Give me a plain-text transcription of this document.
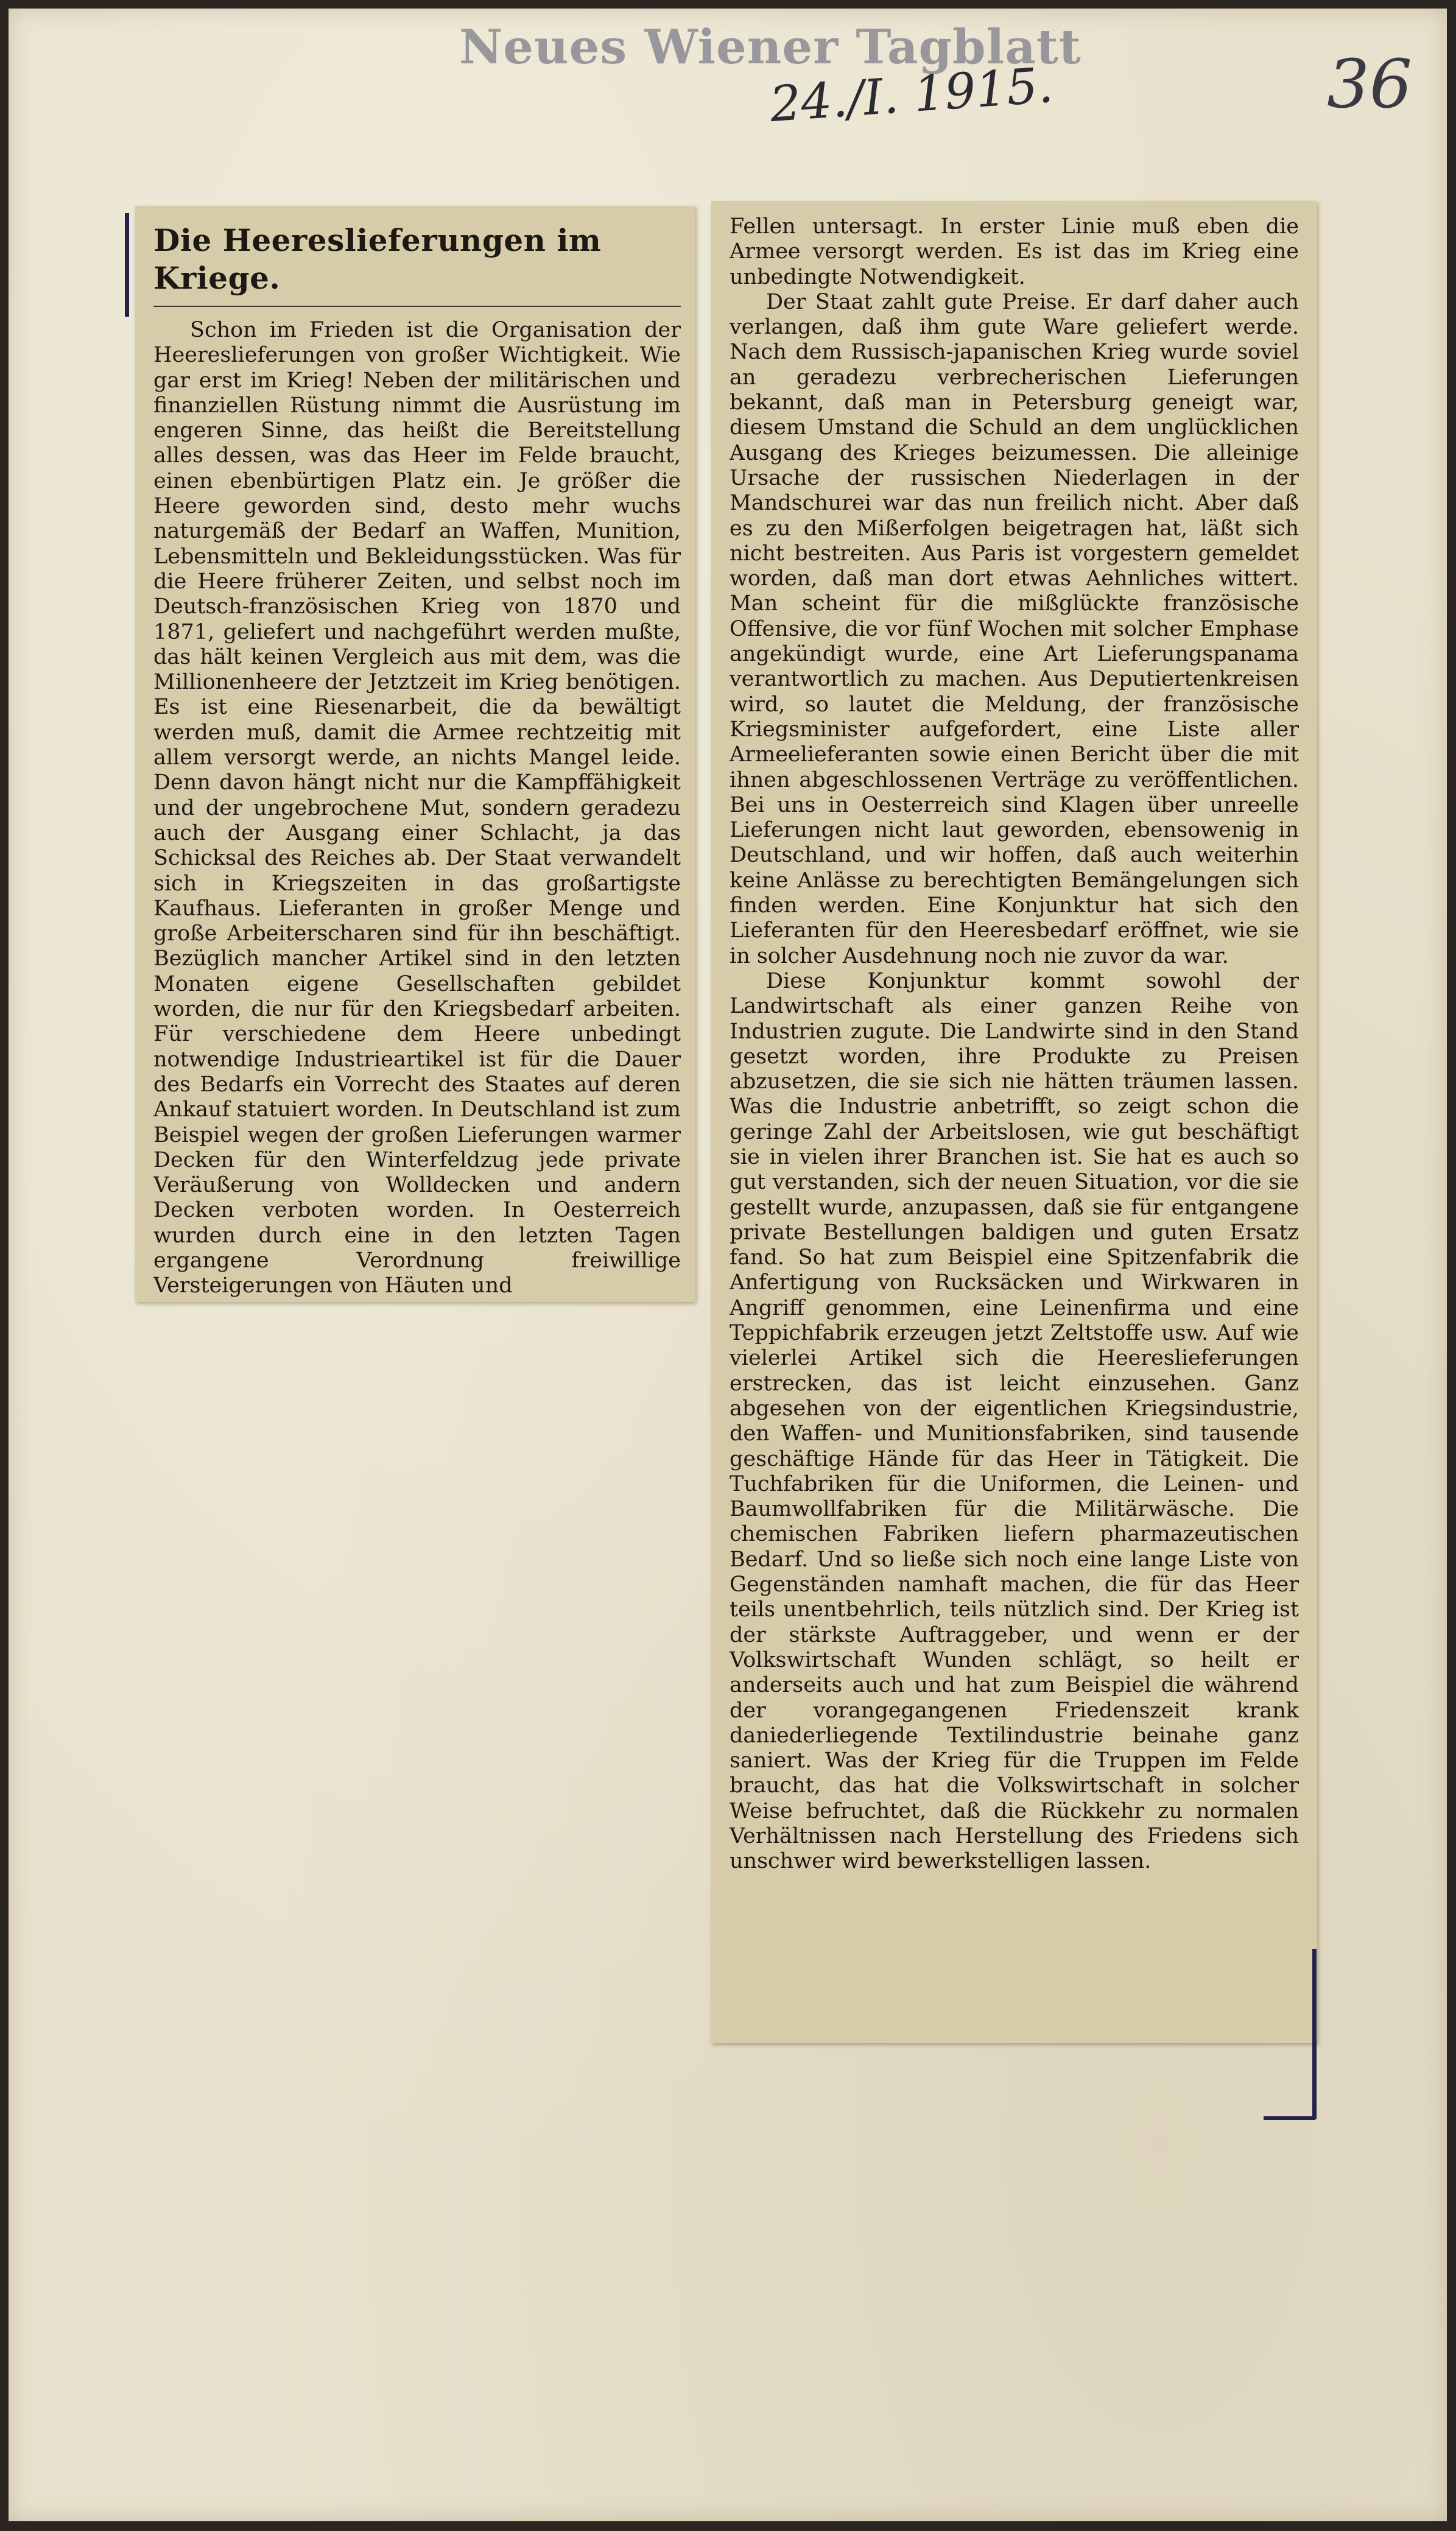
Neues Wiener Tagblatt
24./I. 1915.	36
Die Heereslieferungen im Kriege.

Schon im Frieden ist die Organisation der Heereslieferungen von großer Wichtigkeit. Wie gar erst im Krieg! Neben der militärischen und finanziellen Rüstung nimmt die Ausrüstung im engeren Sinne, das heißt die Bereitstellung alles dessen, was das Heer im Felde braucht, einen ebenbürtigen Platz ein. Je größer die Heere geworden sind, desto mehr wuchs naturgemäß der Bedarf an Waffen, Munition, Lebensmitteln und Bekleidungsstücken. Was für die Heere früherer Zeiten, und selbst noch im Deutsch-französischen Krieg von 1870 und 1871, geliefert und nachgeführt werden mußte, das hält keinen Vergleich aus mit dem, was die Millionenheere der Jetztzeit im Krieg benötigen. Es ist eine Riesenarbeit, die da bewältigt werden muß, damit die Armee rechtzeitig mit allem versorgt werde, an nichts Mangel leide. Denn davon hängt nicht nur die Kampffähigkeit und der ungebrochene Mut, sondern geradezu auch der Ausgang einer Schlacht, ja das Schicksal des Reiches ab. Der Staat verwandelt sich in Kriegszeiten in das großartigste Kaufhaus. Lieferanten in großer Menge und große Arbeiterscharen sind für ihn beschäftigt. Bezüglich mancher Artikel sind in den letzten Monaten eigene Gesellschaften gebildet worden, die nur für den Kriegsbedarf arbeiten. Für verschiedene dem Heere unbedingt notwendige Industrieartikel ist für die Dauer des Bedarfs ein Vorrecht des Staates auf deren Ankauf statuiert worden. In Deutschland ist zum Beispiel wegen der großen Lieferungen warmer Decken für den Winterfeldzug jede private Veräußerung von Wolldecken und andern Decken verboten worden. In Oesterreich wurden durch eine in den letzten Tagen ergangene Verordnung freiwillige Versteigerungen von Häuten und

Fellen untersagt. In erster Linie muß eben die Armee versorgt werden. Es ist das im Krieg eine unbedingte Notwendigkeit.

Der Staat zahlt gute Preise. Er darf daher auch verlangen, daß ihm gute Ware geliefert werde. Nach dem Russisch-japanischen Krieg wurde soviel an geradezu verbrecherischen Lieferungen bekannt, daß man in Petersburg geneigt war, diesem Umstand die Schuld an dem unglücklichen Ausgang des Krieges beizumessen. Die alleinige Ursache der russischen Niederlagen in der Mandschurei war das nun freilich nicht. Aber daß es zu den Mißerfolgen beigetragen hat, läßt sich nicht bestreiten. Aus Paris ist vorgestern gemeldet worden, daß man dort etwas Aehnliches wittert. Man scheint für die mißglückte französische Offensive, die vor fünf Wochen mit solcher Emphase angekündigt wurde, eine Art Lieferungspanama verantwortlich zu machen. Aus Deputiertenkreisen wird, so lautet die Meldung, der französische Kriegsminister aufgefordert, eine Liste aller Armeelieferanten sowie einen Bericht über die mit ihnen abgeschlossenen Verträge zu veröffentlichen. Bei uns in Oesterreich sind Klagen über unreelle Lieferungen nicht laut geworden, ebensowenig in Deutschland, und wir hoffen, daß auch weiterhin keine Anlässe zu berechtigten Bemängelungen sich finden werden. Eine Konjunktur hat sich den Lieferanten für den Heeresbedarf eröffnet, wie sie in solcher Ausdehnung noch nie zuvor da war.

Diese Konjunktur kommt sowohl der Landwirtschaft als einer ganzen Reihe von Industrien zugute. Die Landwirte sind in den Stand gesetzt worden, ihre Produkte zu Preisen abzusetzen, die sie sich nie hätten träumen lassen. Was die Industrie anbetrifft, so zeigt schon die geringe Zahl der Arbeitslosen, wie gut beschäftigt sie in vielen ihrer Branchen ist. Sie hat es auch so gut verstanden, sich der neuen Situation, vor die sie gestellt wurde, anzupassen, daß sie für entgangene private Bestellungen baldigen und guten Ersatz fand. So hat zum Beispiel eine Spitzenfabrik die Anfertigung von Rucksäcken und Wirkwaren in Angriff genommen, eine Leinenfirma und eine Teppichfabrik erzeugen jetzt Zeltstoffe usw. Auf wie vielerlei Artikel sich die Heereslieferungen erstrecken, das ist leicht einzusehen. Ganz abgesehen von der eigentlichen Kriegsindustrie, den Waffen- und Munitionsfabriken, sind tausende geschäftige Hände für das Heer in Tätigkeit. Die Tuchfabriken für die Uniformen, die Leinen- und Baumwollfabriken für die Militärwäsche. Die chemischen Fabriken liefern pharmazeutischen Bedarf. Und so ließe sich noch eine lange Liste von Gegenständen namhaft machen, die für das Heer teils unentbehrlich, teils nützlich sind. Der Krieg ist der stärkste Auftraggeber, und wenn er der Volkswirtschaft Wunden schlägt, so heilt er anderseits auch und hat zum Beispiel die während der vorangegangenen Friedenszeit krank daniederliegende Textilindustrie beinahe ganz saniert. Was der Krieg für die Truppen im Felde braucht, das hat die Volkswirtschaft in solcher Weise befruchtet, daß die Rückkehr zu normalen Verhältnissen nach Herstellung des Friedens sich unschwer wird bewerkstelligen lassen.
